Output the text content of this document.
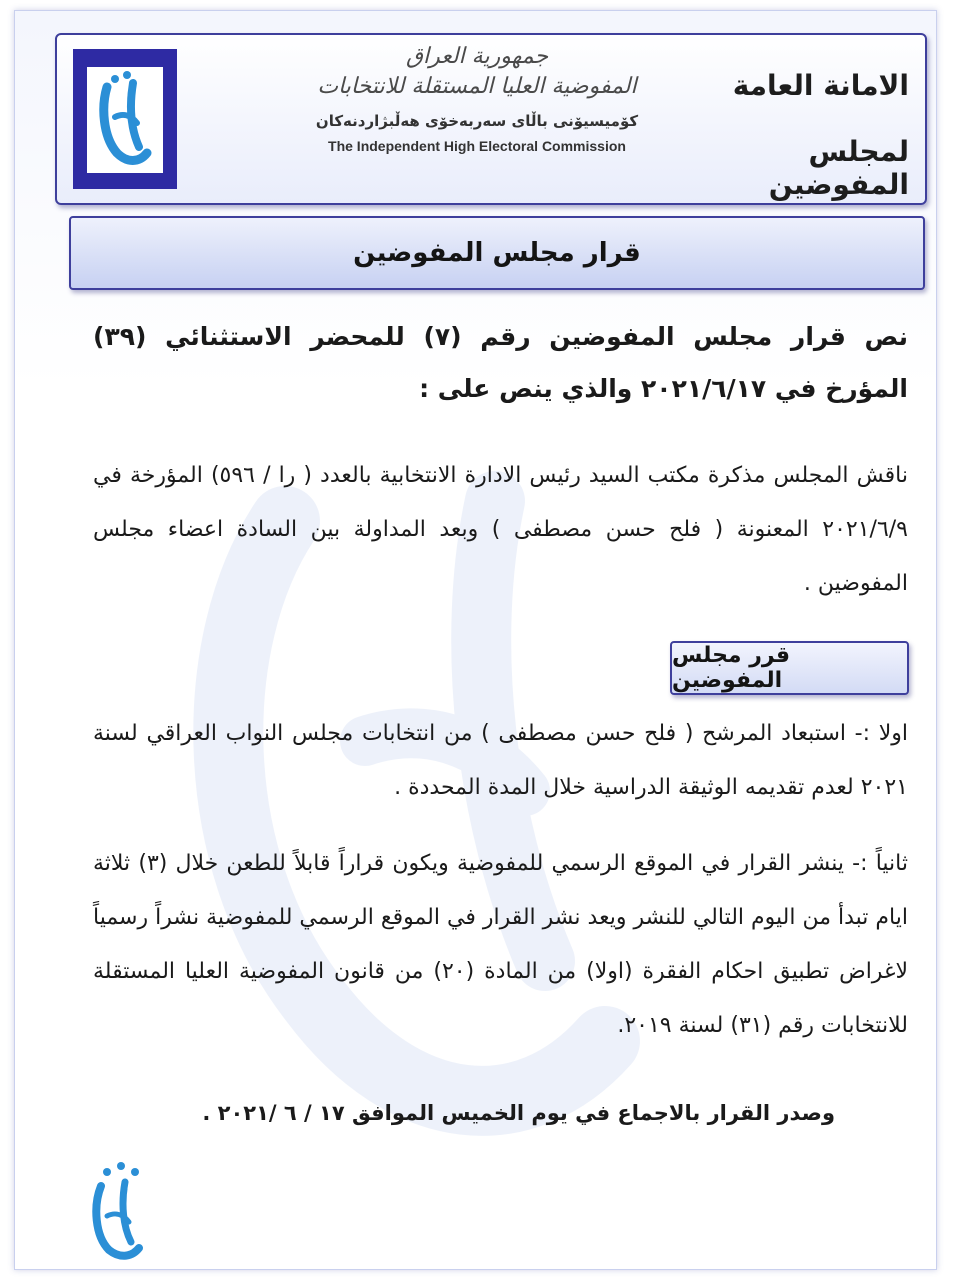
جمهورية العراق
المفوضية العليا المستقلة للانتخابات
كۆمیسیۆنی باڵای سەربەخۆی هەڵبژاردنەکان
The Independent High Electoral Commission
الامانة العامة
لمجلس المفوضين
قرار مجلس المفوضين
نص قرار مجلس المفوضين رقم (٧) للمحضر الاستثنائي (٣٩) المؤرخ في ٢٠٢١/٦/١٧ والذي ينص على :
ناقش المجلس مذكرة مكتب السيد رئيس الادارة الانتخابية بالعدد ( را / ٥٩٦) المؤرخة في ٢٠٢١/٦/٩ المعنونة ( فلح حسن مصطفى ) وبعد المداولة بين السادة اعضاء مجلس المفوضين .
قرر مجلس المفوضين
اولا :- استبعاد المرشح ( فلح حسن مصطفى ) من انتخابات مجلس النواب العراقي لسنة ٢٠٢١ لعدم تقديمه الوثيقة الدراسية خلال المدة المحددة .
ثانياً :- ينشر القرار في الموقع الرسمي للمفوضية ويكون قراراً قابلاً للطعن خلال (٣) ثلاثة ايام تبدأ من اليوم التالي للنشر ويعد نشر القرار في الموقع الرسمي للمفوضية نشراً رسمياً لاغراض تطبيق احكام الفقرة (اولا) من المادة (٢٠) من قانون المفوضية العليا المستقلة للانتخابات رقم (٣١) لسنة ٢٠١٩.
وصدر القرار بالاجماع في يوم الخميس الموافق ١٧ / ٦ /٢٠٢١ .
